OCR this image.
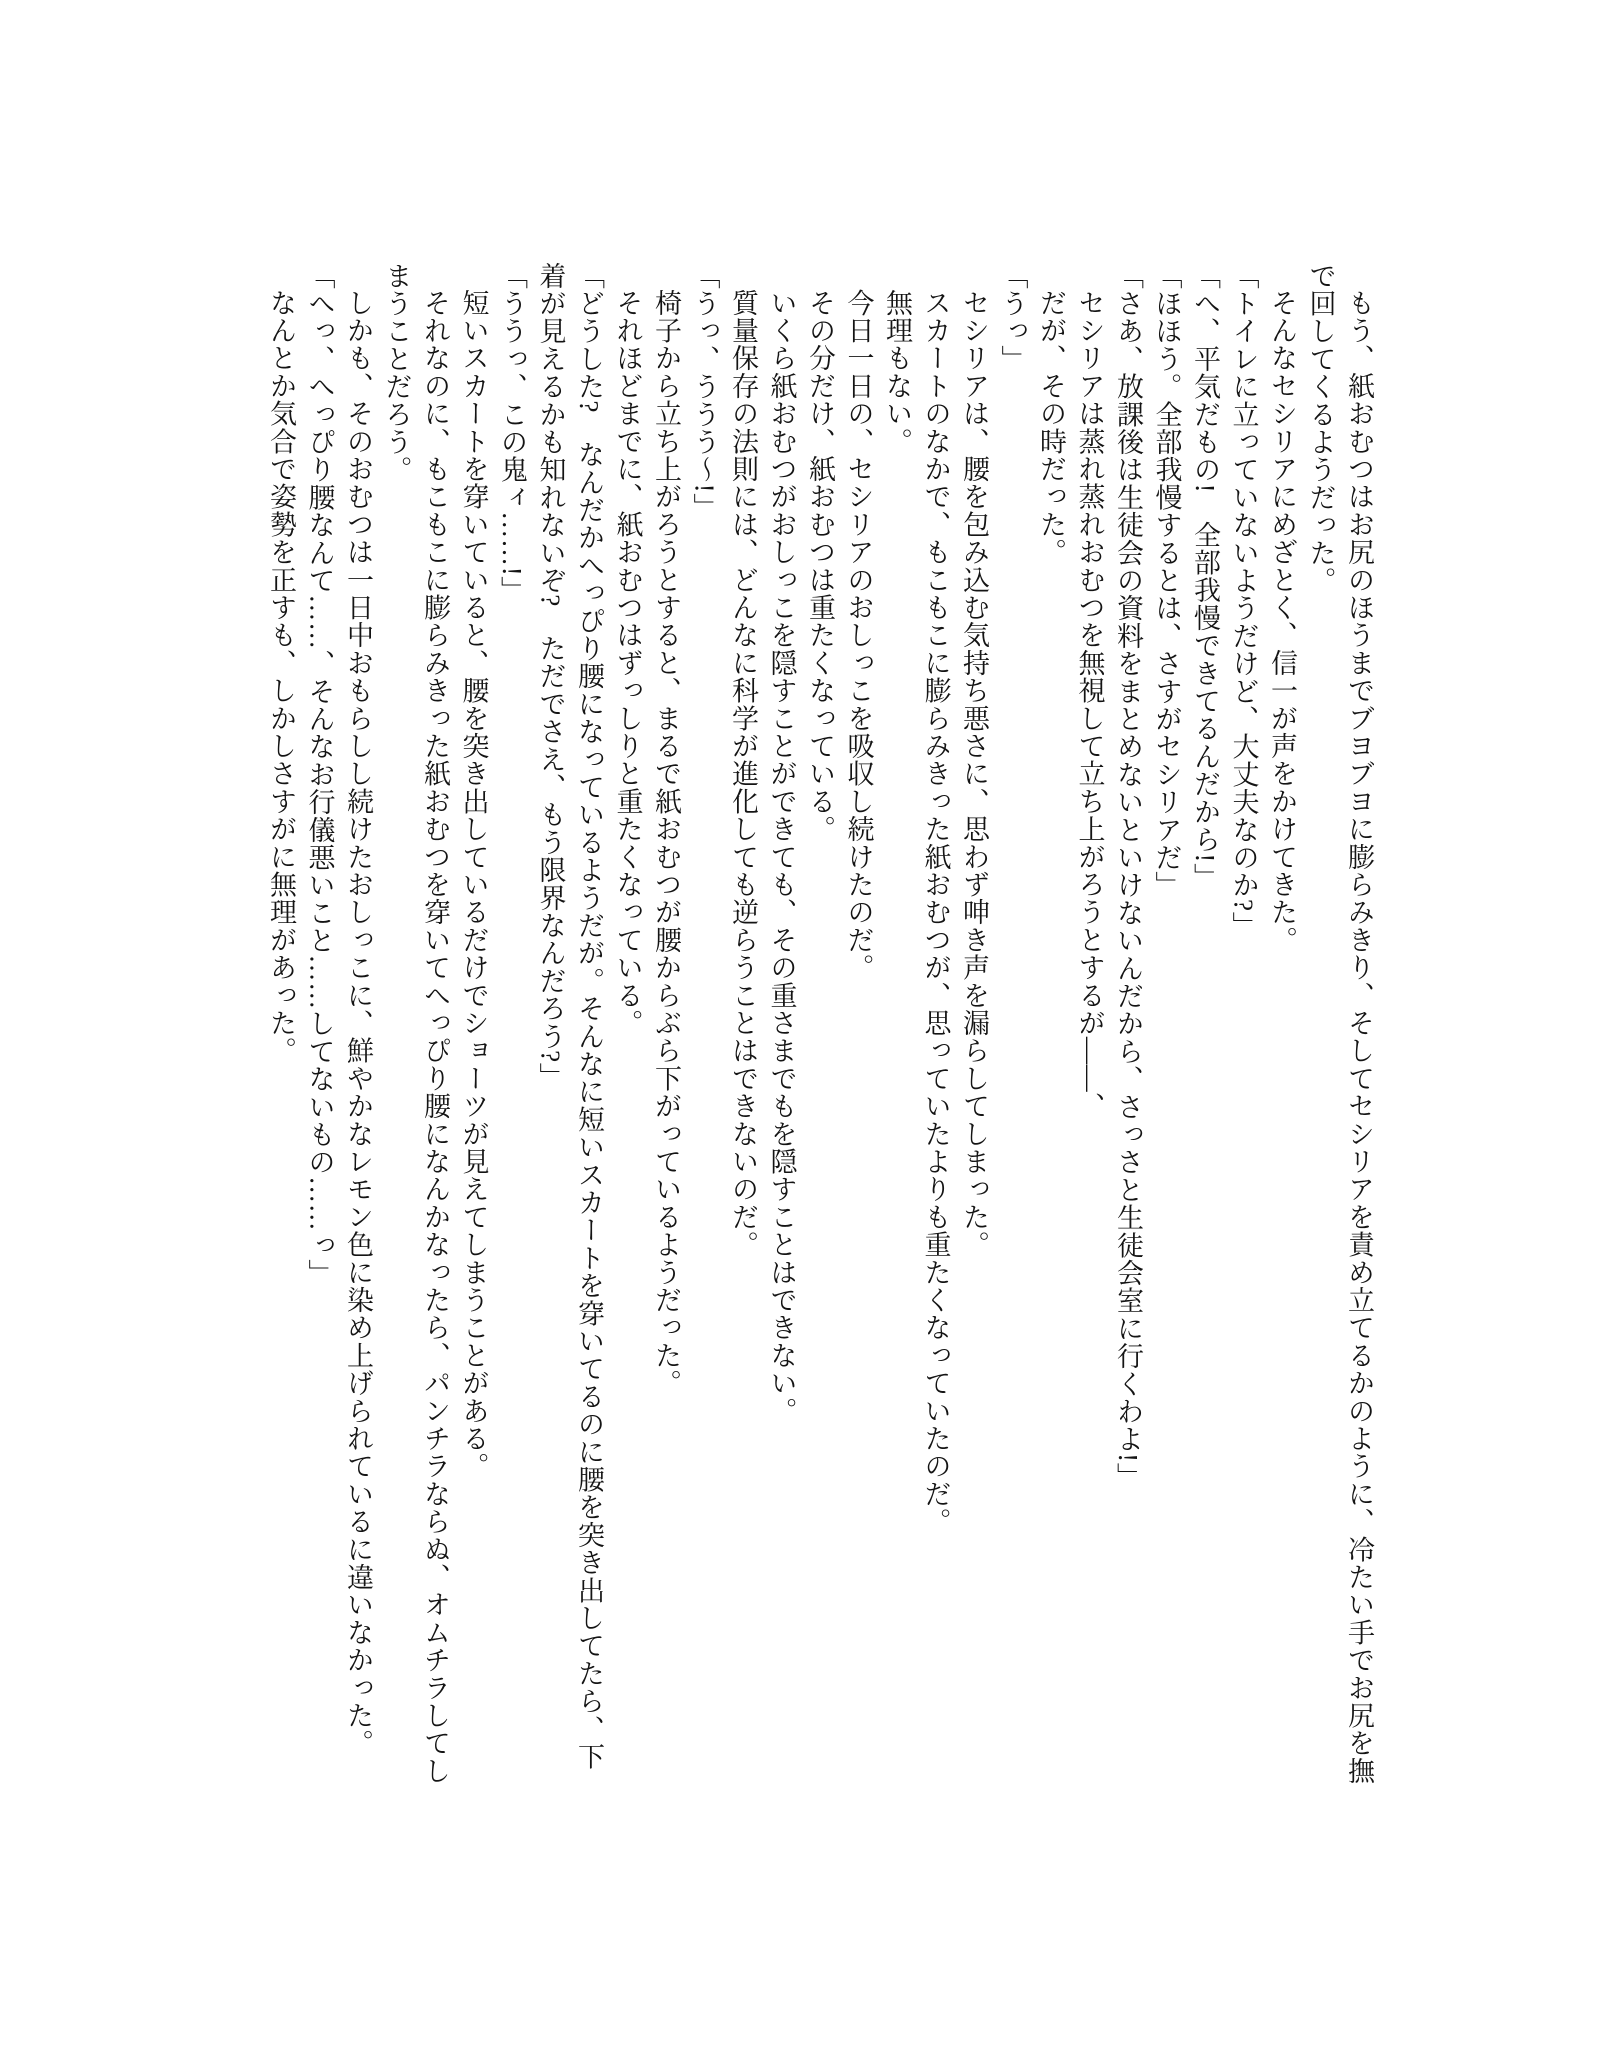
もう、紙おむつはお尻のほうまでブヨブヨに膨らみきり、そしてセシリアを責め立てるかのように、冷たい手でお尻を撫で回してくるようだった。

そんなセシリアにめざとく、信一が声をかけてきた。

「トイレに立っていないようだけど、大丈夫なのか?」

「へ、平気だもの!　全部我慢できてるんだから!」

「ほほう。全部我慢するとは、さすがセシリアだ」

「さあ、放課後は生徒会の資料をまとめないといけないんだから、さっさと生徒会室に行くわよ!」

セシリアは蒸れ蒸れおむつを無視して立ち上がろうとするが――、

だが、その時だった。

「うっ」

セシリアは、腰を包み込む気持ち悪さに、思わず呻き声を漏らしてしまった。

スカートのなかで、もこもこに膨らみきった紙おむつが、思っていたよりも重たくなっていたのだ。

無理もない。

今日一日の、セシリアのおしっこを吸収し続けたのだ。

その分だけ、紙おむつは重たくなっている。

いくら紙おむつがおしっこを隠すことができても、その重さまでもを隠すことはできない。

質量保存の法則には、どんなに科学が進化しても逆らうことはできないのだ。

「うっ、ううう〜!」

椅子から立ち上がろうとすると、まるで紙おむつが腰からぶら下がっているようだった。

それほどまでに、紙おむつはずっしりと重たくなっている。

「どうした?　なんだかへっぴり腰になっているようだが。そんなに短いスカートを穿いてるのに腰を突き出してたら、下着が見えるかも知れないぞ?　ただでさえ、もう限界なんだろう?」

「ううっ、この鬼ィ……!」

短いスカートを穿いていると、腰を突き出しているだけでショーツが見えてしまうことがある。

それなのに、もこもこに膨らみきった紙おむつを穿いてへっぴり腰になんかなったら、パンチラならぬ、オムチラしてしまうことだろう。

しかも、そのおむつは一日中おもらしし続けたおしっこに、鮮やかなレモン色に染め上げられているに違いなかった。

「へっ、へっぴり腰なんて……、そんなお行儀悪いこと……してないもの……っ」

なんとか気合で姿勢を正すも、しかしさすがに無理があった。
